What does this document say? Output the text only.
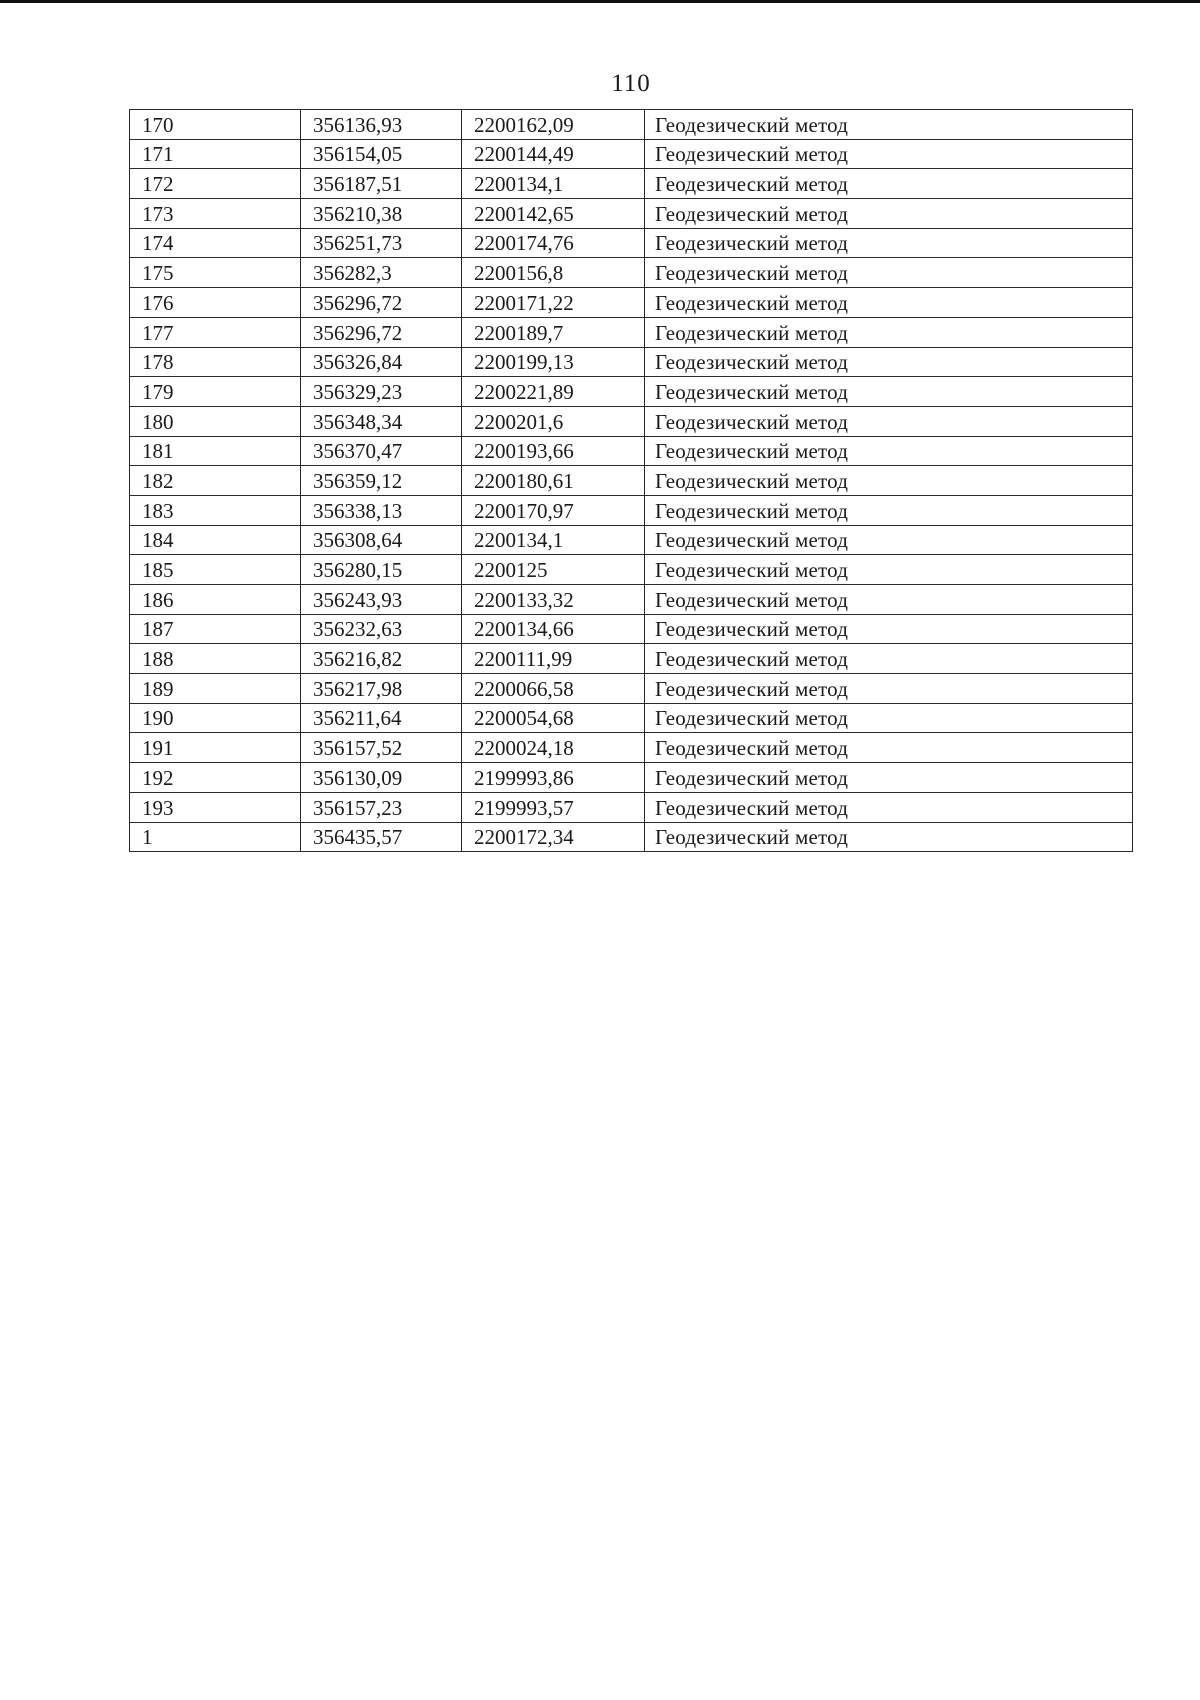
110
170	356136,93	2200162,09	Геодезический метод
171	356154,05	2200144,49	Геодезический метод
172	356187,51	2200134,1	Геодезический метод
173	356210,38	2200142,65	Геодезический метод
174	356251,73	2200174,76	Геодезический метод
175	356282,3	2200156,8	Геодезический метод
176	356296,72	2200171,22	Геодезический метод
177	356296,72	2200189,7	Геодезический метод
178	356326,84	2200199,13	Геодезический метод
179	356329,23	2200221,89	Геодезический метод
180	356348,34	2200201,6	Геодезический метод
181	356370,47	2200193,66	Геодезический метод
182	356359,12	2200180,61	Геодезический метод
183	356338,13	2200170,97	Геодезический метод
184	356308,64	2200134,1	Геодезический метод
185	356280,15	2200125	Геодезический метод
186	356243,93	2200133,32	Геодезический метод
187	356232,63	2200134,66	Геодезический метод
188	356216,82	2200111,99	Геодезический метод
189	356217,98	2200066,58	Геодезический метод
190	356211,64	2200054,68	Геодезический метод
191	356157,52	2200024,18	Геодезический метод
192	356130,09	2199993,86	Геодезический метод
193	356157,23	2199993,57	Геодезический метод
1	356435,57	2200172,34	Геодезический метод
